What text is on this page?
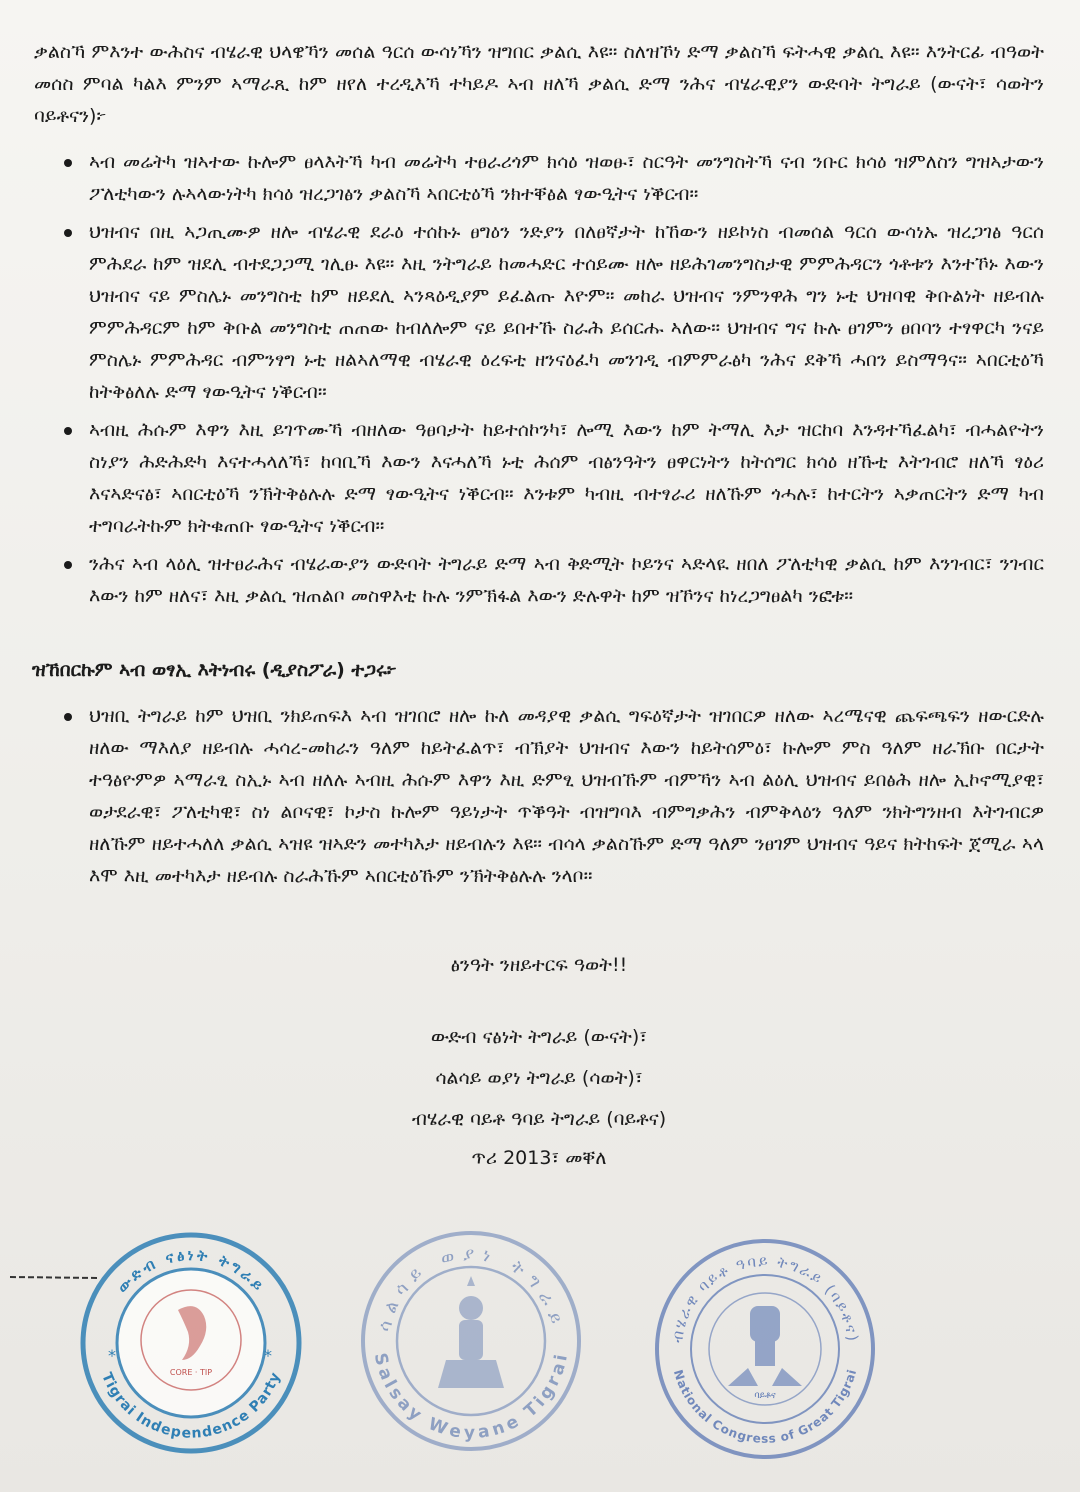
ቃልስኻ ምእንተ ውሕስና ብሄራዊ ህላዌኻን መሰል ዓርሰ ውሳነኻን ዝግበር ቃልሲ እዩ። ስለዝኾነ ድማ ቃልስኻ ፍትሓዊ ቃልሲ እዩ። እንትርፊ ብዓወት መሰስ ምባል ካልእ ምንም ኣማራጺ ከም ዘየለ ተረዲእኻ ተካይዶ ኣብ ዘለኻ ቃልሲ ድማ ንሕና ብሄራዊያን ውድባት ትግራይ (ውናት፣ ሳወትን ባይቶናን)፦

ኣብ መሬትካ ዝኣተው ኩሎም ፀላእትኻ ካብ መሬትካ ተፀራሪጎም ክሳዕ ዝወፁ፣ ስርዓት መንግስትኻ ናብ ንቡር ክሳዕ ዝምለስን ግዝኣታውን ፖለቲካውን ሉኣላውነትካ ክሳዕ ዝረጋገፅን ቃልስኻ ኣበርቲዕኻ ንክተቐፅል ፃውዒትና ነቕርብ።
ህዝብና በዚ ኣጋጢሙዎ ዘሎ ብሄራዊ ደራዕ ተሰኩኑ ፀግዕን ንድያን በለፀኛታት ከኸውን ዘይኮነስ ብመሰል ዓርሰ ውሳነኡ ዝረጋገፅ ዓርሰ ምሕደራ ከም ዝደሊ ብተደጋጋሚ ገሊፁ እዩ። እዚ ንትግራይ ከመሓድር ተሰይሙ ዘሎ ዘይሕገመንግስታዊ ምምሕዳርን ጎቶቱን እንተኾኑ እውን ህዝብና ናይ ምስሌኑ መንግስቲ ከም ዘይደሊ ኣንጻዕዲያም ይፈልጡ እዮም። መከራ ህዝብና ንምንዋሕ ግን ኑቲ ህዝባዊ ቅቡልነት ዘይብሉ ምምሕዳርም ከም ቅቡል መንግስቲ ጠጠው ከብለሎም ናይ ይበተኹ ስራሕ ይሰርሑ ኣለው። ህዝብና ግና ኩሉ ፀገምን ፀበባን ተፃዋርካ ንናይ ምስሌኑ ምምሕዳር ብምንፃግ ኑቲ ዘልኣለማዊ ብሄራዊ ዕረፍቲ ዘንናዕፈካ መንገዲ ብምምራፅካ ንሕና ደቅኻ ሓበን ይስማዓና። ኣበርቲዕኻ ከትቅፅለሉ ድማ ፃውዒትና ነቕርብ።
ኣብዚ ሕሱም እዋን እዚ ይገጥሙኻ ብዘለው ዓፀባታት ከይተሰኮንካ፣ ሎሚ እውን ከም ትማሊ እታ ዝርከባ እንዳተኻፈልካ፣ ብሓልዮትን ስነያን ሕድሕድካ እናተሓላለኻ፣ ከባቢኻ እውን እናሓለኻ ኑቲ ሕሰም ብፅንዓትን ፀዋርነትን ከትሰግር ክሳዕ ዘኹቲ እትገብሮ ዘለኻ ፃዕሪ እናኣድናፅ፣ ኣበርቲዕኻ ንኽትቅፅሉሉ ድማ ፃውዒትና ነቕርብ። እንቱም ካብዚ ብተፃራሪ ዘለኹም ጎሓሉ፣ ከተርትን ኣቃጠርትን ድማ ካብ ተግባራትኩም ክትቁጠቡ ፃውዒትና ነቕርብ።
ንሕና ኣብ ላዕሊ ዝተፀራሕና ብሄራውያን ውድባት ትግራይ ድማ ኣብ ቅድሚት ኮይንና ኣድላዪ ዘበለ ፖለቲካዊ ቃልሲ ከም እንገብር፣ ንገብር እውን ከም ዘለና፣ እዚ ቃልሲ ዝጠልቦ መስዋእቲ ኩሉ ንምኽፋል እውን ድሉዋት ከም ዝኾንና ከነረጋግፀልካ ንፎቱ።
ዝኸበርኩም ኣብ ወፃኢ እትነብሩ (ዲያስፖራ) ተጋሩ፦
ህዝቢ ትግራይ ከም ህዝቢ ንክይጠፍእ ኣብ ዝገበሮ ዘሎ ኩለ መዳያዊ ቃልሲ ግፍዕኛታት ዝገበርዎ ዘለው ኣረሜናዊ ጨፍጫፍን ዘውርድሉ ዘለው ማእለያ ዘይብሉ ሓሳረ-መከራን ዓለም ከይትፈልጥ፣ ብኽያት ህዝብና እውን ከይትሰምዕ፣ ኩሎም ምስ ዓለም ዘራኽቡ በርታት ተዓፅዮምዎ ኣማራፂ ስኢኑ ኣብ ዘለሉ ኣብዚ ሕሱም እዋን እዚ ድምፂ ህዝብኹም ብምኻን ኣብ ልዕሊ ህዝብና ይበፅሕ ዘሎ ኢኮኖሚያዊ፣ ወታደራዊ፣ ፖለቲካዊ፣ ስነ ልቦናዊ፣ ኮታስ ኩሎም ዓይነታት ጥቕዓት ብዝግባእ ብምግቃሕን ብምቅላዕን ዓለም ንክትግንዘብ እትገብርዎ ዘለኹም ዘይተሓለለ ቃልሲ ኣዝዩ ዝኣድን መተካእታ ዘይብሉን እዩ። ብሳላ ቃልስኹም ድማ ዓለም ንፀገም ህዝብና ዓይና ክትከፍት ጀሚራ ኣላ እሞ እዚ መተካእታ ዘይብሉ ስራሕኹም ኣበርቲዕኹም ንኽትቅፅሉሉ ንላቦ።
ፅንዓት ንዘይተርፍ ዓወት!!
ውድብ ናፅነት ትግራይ (ውናት)፣
ሳልሳይ ወያነ ትግራይ (ሳወት)፣
ብሄራዊ ባይቶ ዓባይ ትግራይ (ባይቶና)
ጥሪ 2013፣ መቐለ
ውድብ ናፅነት ትግራይ
Tigrai Independence Party
*	*
CORE · TIP
ሳልሳይ ወያነ ትግራይ
Salsay Weyane Tigrai
ብሄራዊ ባይቶ ዓባይ ትግራይ (ባይቶና)
National Congress of Great Tigrai
ባይቶና
